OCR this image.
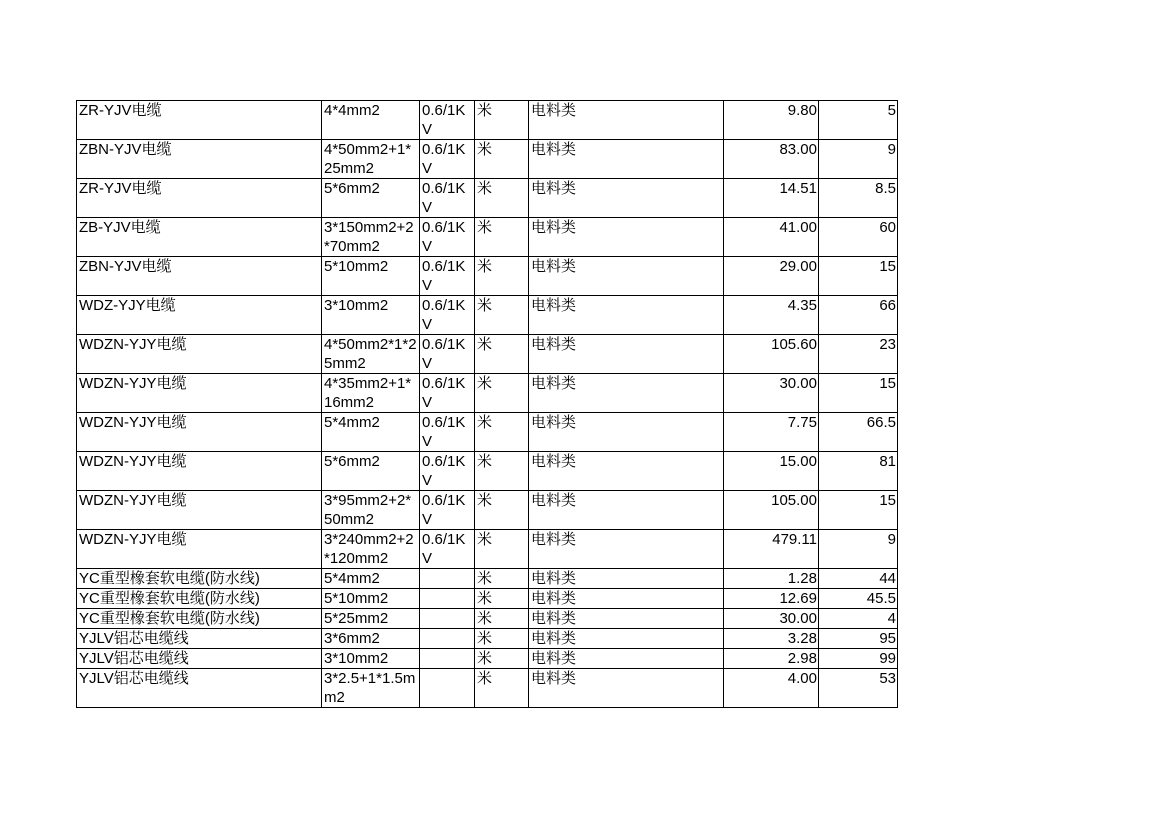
ZR-YJV电缆	4*4mm2	0.6/1KV	米	电料类	9.80	5
ZBN-YJV电缆	4*50mm2+1*25mm2	0.6/1KV	米	电料类	83.00	9
ZR-YJV电缆	5*6mm2	0.6/1KV	米	电料类	14.51	8.5
ZB-YJV电缆	3*150mm2+2*70mm2	0.6/1KV	米	电料类	41.00	60
ZBN-YJV电缆	5*10mm2	0.6/1KV	米	电料类	29.00	15
WDZ-YJY电缆	3*10mm2	0.6/1KV	米	电料类	4.35	66
WDZN-YJY电缆	4*50mm2*1*25mm2	0.6/1KV	米	电料类	105.60	23
WDZN-YJY电缆	4*35mm2+1*16mm2	0.6/1KV	米	电料类	30.00	15
WDZN-YJY电缆	5*4mm2	0.6/1KV	米	电料类	7.75	66.5
WDZN-YJY电缆	5*6mm2	0.6/1KV	米	电料类	15.00	81
WDZN-YJY电缆	3*95mm2+2*50mm2	0.6/1KV	米	电料类	105.00	15
WDZN-YJY电缆	3*240mm2+2*120mm2	0.6/1KV	米	电料类	479.11	9
YC重型橡套软电缆(防水线)	5*4mm2		米	电料类	1.28	44
YC重型橡套软电缆(防水线)	5*10mm2		米	电料类	12.69	45.5
YC重型橡套软电缆(防水线)	5*25mm2		米	电料类	30.00	4
YJLV铝芯电缆线	3*6mm2		米	电料类	3.28	95
YJLV铝芯电缆线	3*10mm2		米	电料类	2.98	99
YJLV铝芯电缆线	3*2.5+1*1.5mm2		米	电料类	4.00	53
